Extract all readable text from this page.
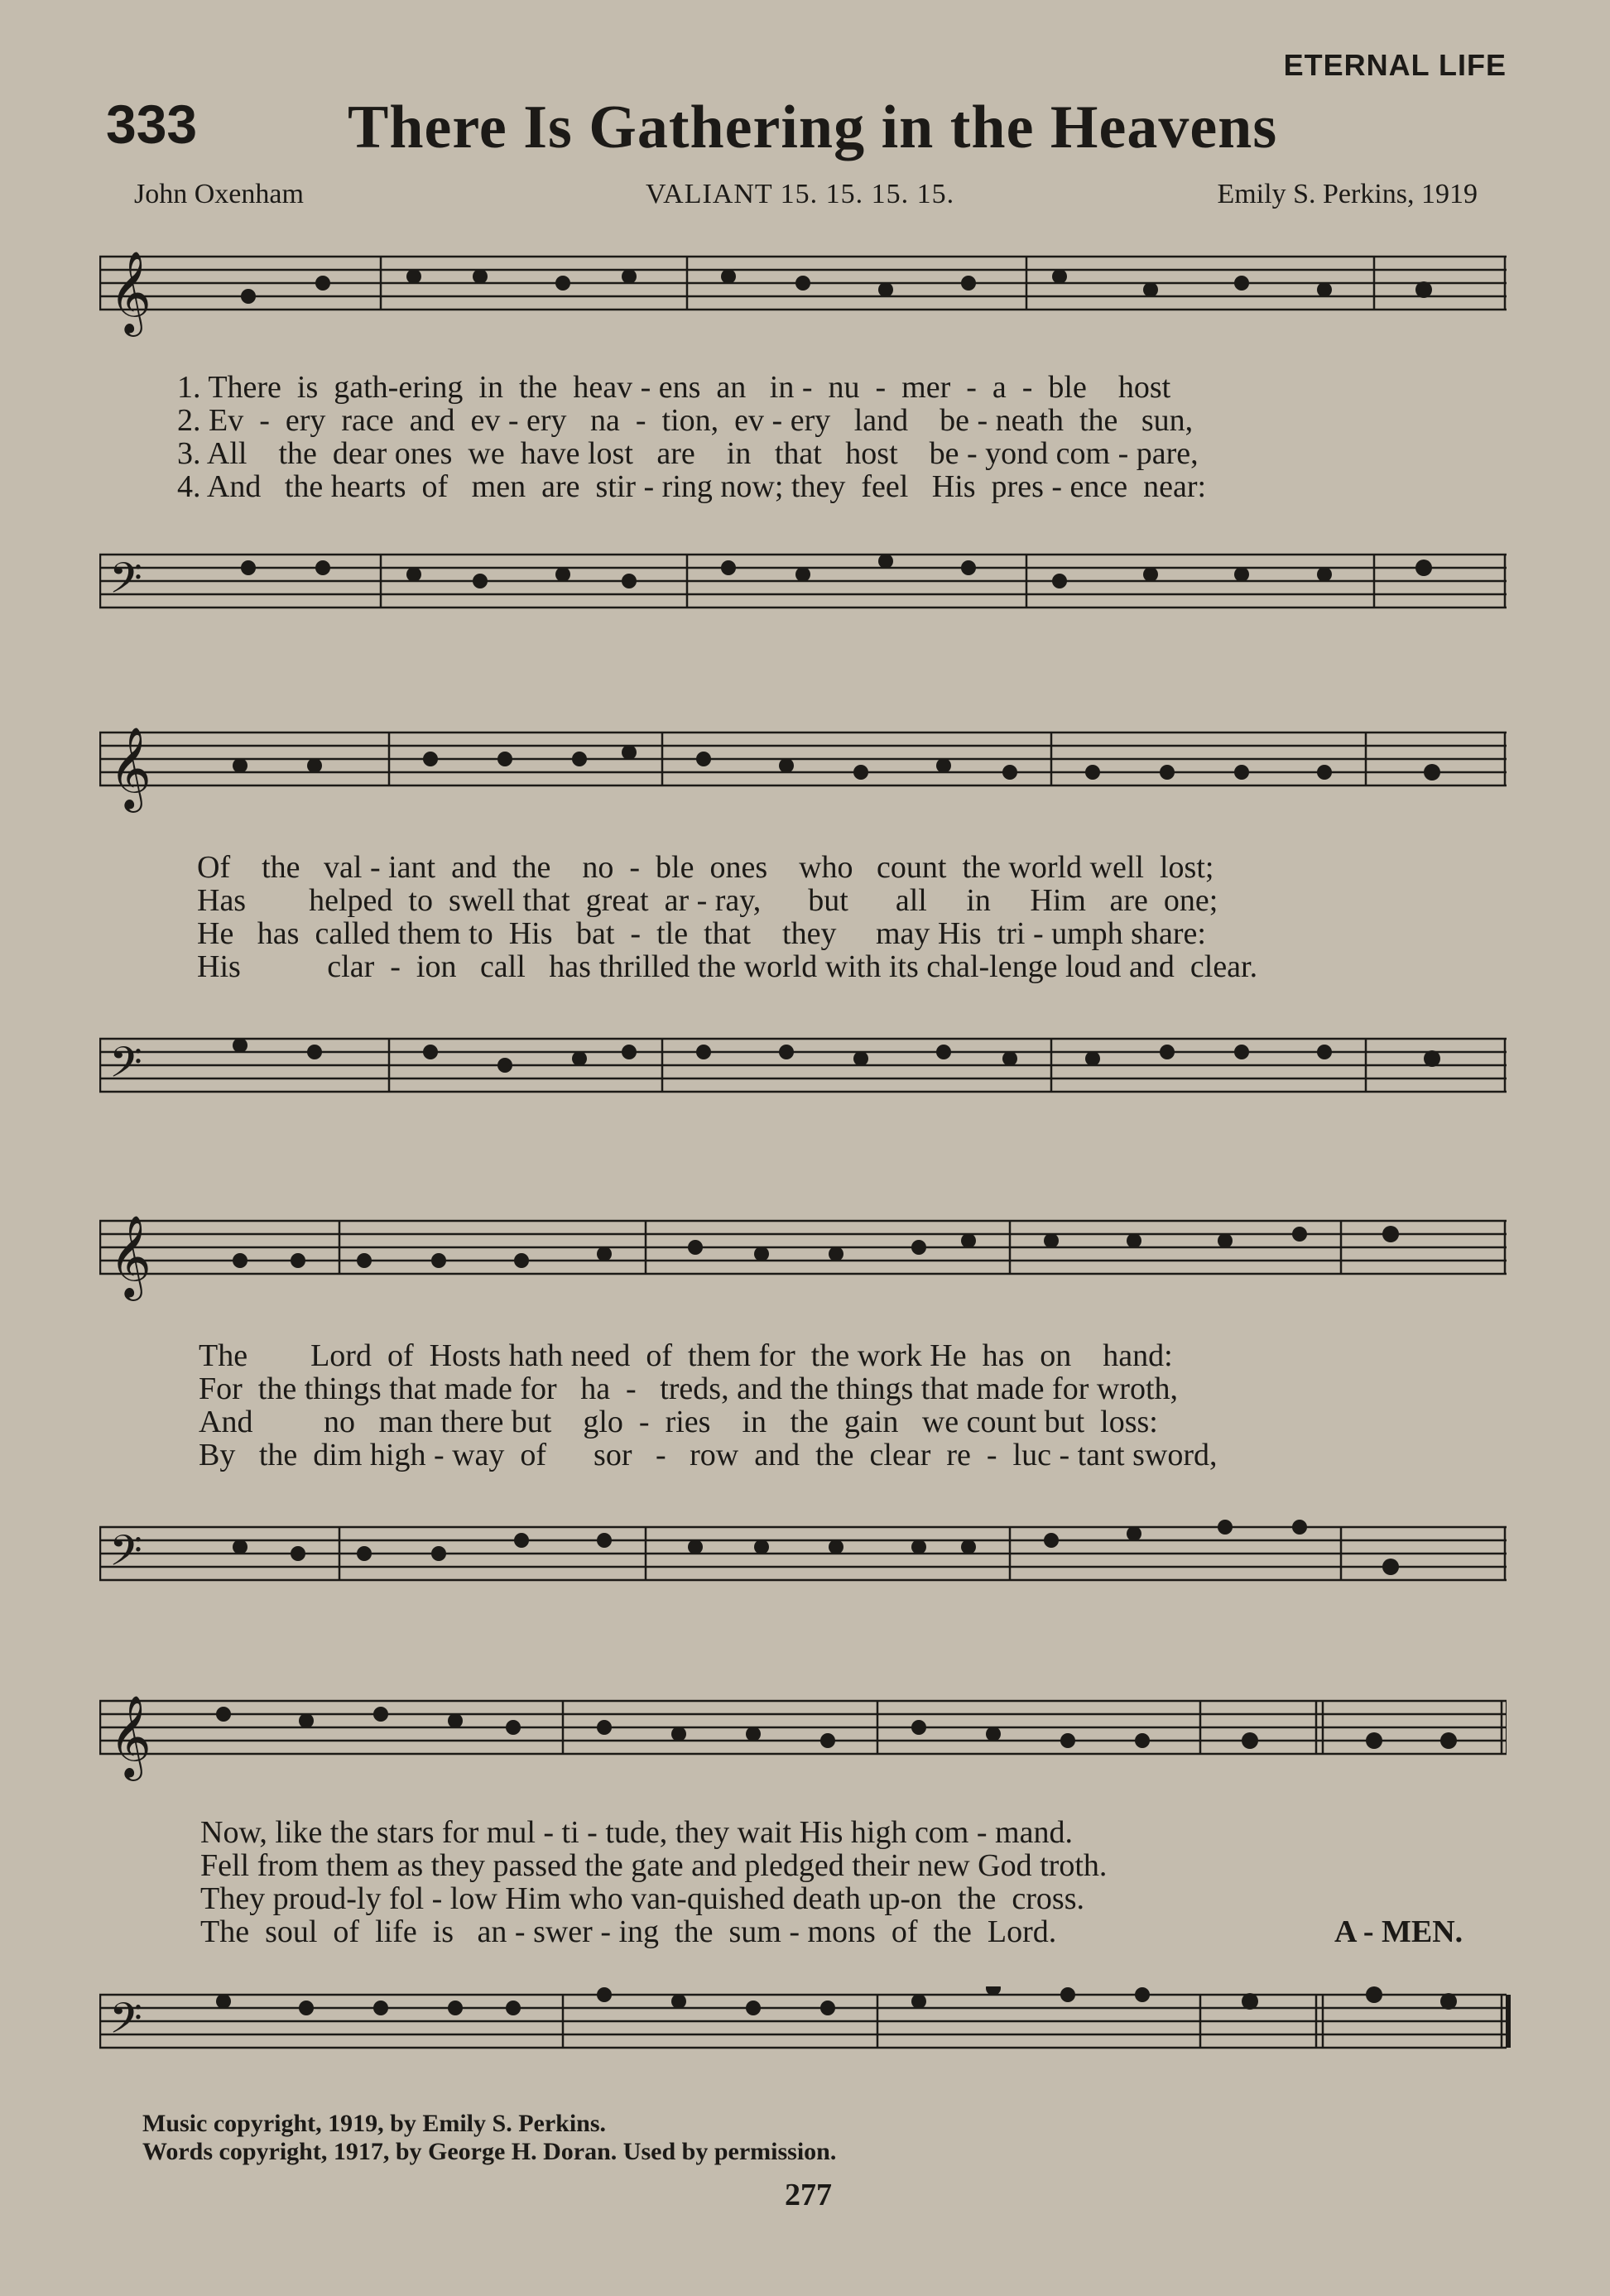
ETERNAL LIFE
333 There Is Gathering in the Heavens
John Oxenham	VALIANT 15. 15. 15. 15.	Emily S. Perkins, 1919
𝄞
1. There  is  gath-ering  in  the  heav - ens  an   in -  nu  -  mer  -  a  -  ble    host
2. Ev  -  ery  race  and  ev - ery   na  -  tion,  ev - ery   land    be - neath  the   sun,
3. All    the  dear ones  we  have lost   are    in   that   host    be - yond com - pare,
4. And   the hearts  of   men  are  stir - ring now; they  feel   His  pres - ence  near:
𝄢
𝄞
Of    the   val - iant  and  the    no  -  ble  ones    who   count  the world well  lost;
Has        helped  to  swell that  great  ar - ray,      but      all     in     Him   are  one;
He   has  called them to  His   bat  -  tle  that    they     may His  tri - umph share:
His           clar  -  ion   call   has thrilled the world with its chal-lenge loud and  clear.
𝄢
𝄞
The        Lord  of  Hosts hath need  of  them for  the work He  has  on    hand:
For  the things that made for   ha  -   treds, and the things that made for wroth,
And         no   man there but    glo  -  ries    in   the  gain   we count but  loss:
By   the  dim high - way  of      sor   -   row  and  the  clear  re  -  luc - tant sword,
𝄢
𝄞
Now, like the stars for mul - ti - tude, they wait His high com - mand.
Fell from them as they passed the gate and pledged their new God troth.
They proud-ly fol - low Him who van-quished death up-on  the  cross.
The  soul  of  life  is   an - swer - ing  the  sum - mons  of  the  Lord.	A - MEN.
𝄢
Music copyright, 1919, by Emily S. Perkins.
Words copyright, 1917, by George H. Doran. Used by permission.
277
